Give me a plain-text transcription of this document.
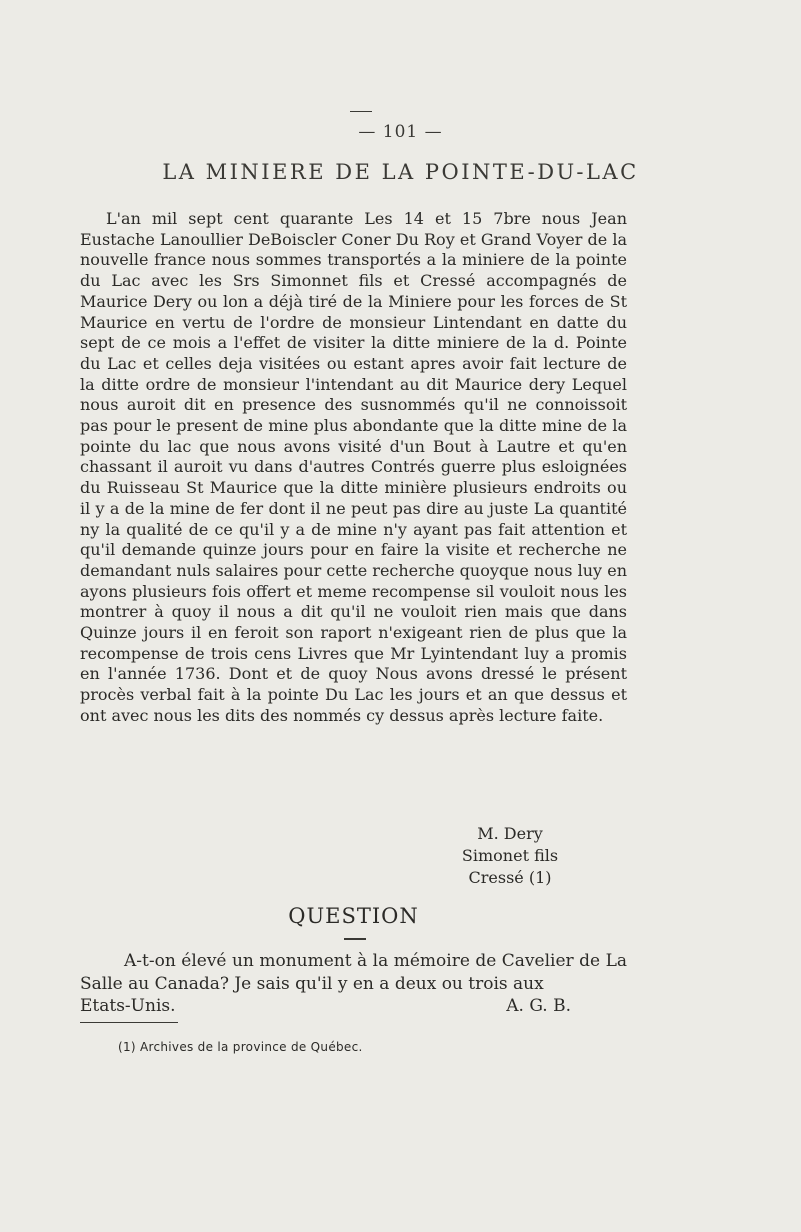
— 101 —
LA MINIERE DE LA POINTE-DU-LAC

L'an mil sept cent quarante Les 14 et 15 7bre nous Jean Eustache Lanoullier DeBoiscler Coner Du Roy et Grand Voyer de la nouvelle france nous sommes transportés a la miniere de la pointe du Lac avec les Srs Simonnet fils et Cressé accompagnés de Maurice Dery ou lon a déjà tiré de la Miniere pour les forces de St Maurice en vertu de l'ordre de monsieur Lintendant en datte du sept de ce mois a l'effet de visiter la ditte miniere de la d. Pointe du Lac et celles deja visitées ou estant apres avoir fait lecture de la ditte ordre de monsieur l'intendant au dit Maurice dery Lequel nous auroit dit en presence des susnommés qu'il ne connoissoit pas pour le present de mine plus abondante que la ditte mine de la pointe du lac que nous avons visité d'un Bout à Lautre et qu'en chassant il auroit vu dans d'autres Contrés guerre plus esloignées du Ruisseau St Maurice que la ditte minière plusieurs endroits ou il y a de la mine de fer dont il ne peut pas dire au juste La quantité ny la qualité de ce qu'il y a de mine n'y ayant pas fait attention et qu'il demande quinze jours pour en faire la visite et recherche ne demandant nuls salaires pour cette recherche quoyque nous luy en ayons plusieurs fois offert et meme recompense sil vouloit nous les montrer à quoy il nous a dit qu'il ne vouloit rien mais que dans Quinze jours il en feroit son raport n'exigeant rien de plus que la recompense de trois cens Livres que Mr Lyintendant luy a promis en l'année 1736. Dont et de quoy Nous avons dressé le présent procès verbal fait à la pointe Du Lac les jours et an que dessus et ont avec nous les dits des nommés cy dessus après lecture faite.

M. Dery
Simonet fils
Cressé (1)
QUESTION

A-t-on élevé un monument à la mémoire de Cavelier de La Salle au Canada? Je sais qu'il y en a deux ou trois aux

Etats-Unis.	A. G. B.
(1) Archives de la province de Québec.
